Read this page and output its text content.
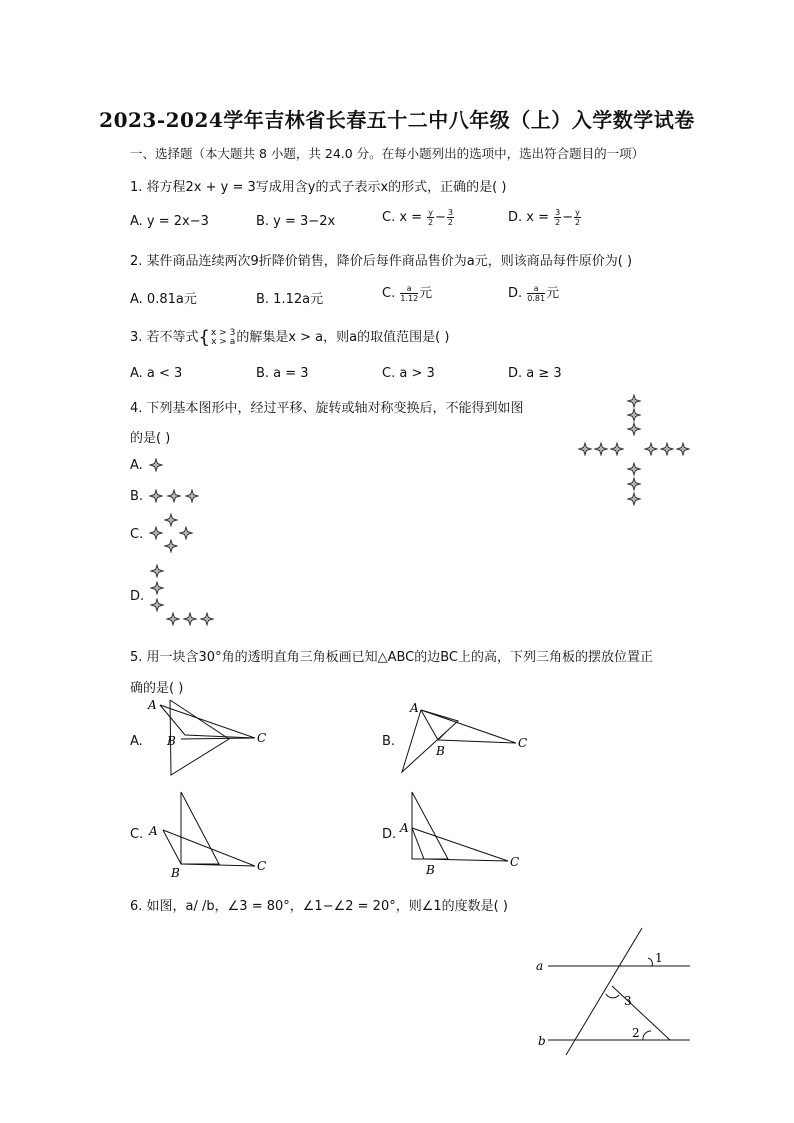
2023-2024学年吉林省长春五十二中八年级（上）入学数学试卷
一、选择题（本大题共 8 小题，共 24.0 分。在每小题列出的选项中，选出符合题目的一项）
1. 将方程2x + y = 3写成用含y的式子表示x的形式，正确的是( )
A. y = 2x−3	B. y = 3−2x	C. $x = \frac{y}{2} - \frac{3}{2}$	D. $x = \frac{3}{2} - \frac{y}{2}$
2. 某件商品连续两次9折降价销售，降价后每件商品售价为a元，则该商品每件原价为( )
A. 0.81a元	B. 1.12a元	C. $\frac{a}{1.12}$ 元	D. $\frac{a}{0.81}$ 元
3. 若不等式{ x > 3
x > a 的解集是x > a，则a的取值范围是( )
A. a < 3	B. a = 3	C. a > 3	D. a ≥ 3
4. 下列基本图形中，经过平移、旋转或轴对称变换后，不能得到如图
的是( )
A.
B.
C.
D.
5. 用一块含30°角的透明直角三角板画已知△ABC的边BC上的高，下列三角板的摆放位置正
确的是( )
A.
A
B	C	B.
A
B
C
C. A
B	C
D. A
B
C
6. 如图，a/ /b，∠3 = 80°，∠1−∠2 = 20°，则∠1的度数是( )
a
b
1
3
2
